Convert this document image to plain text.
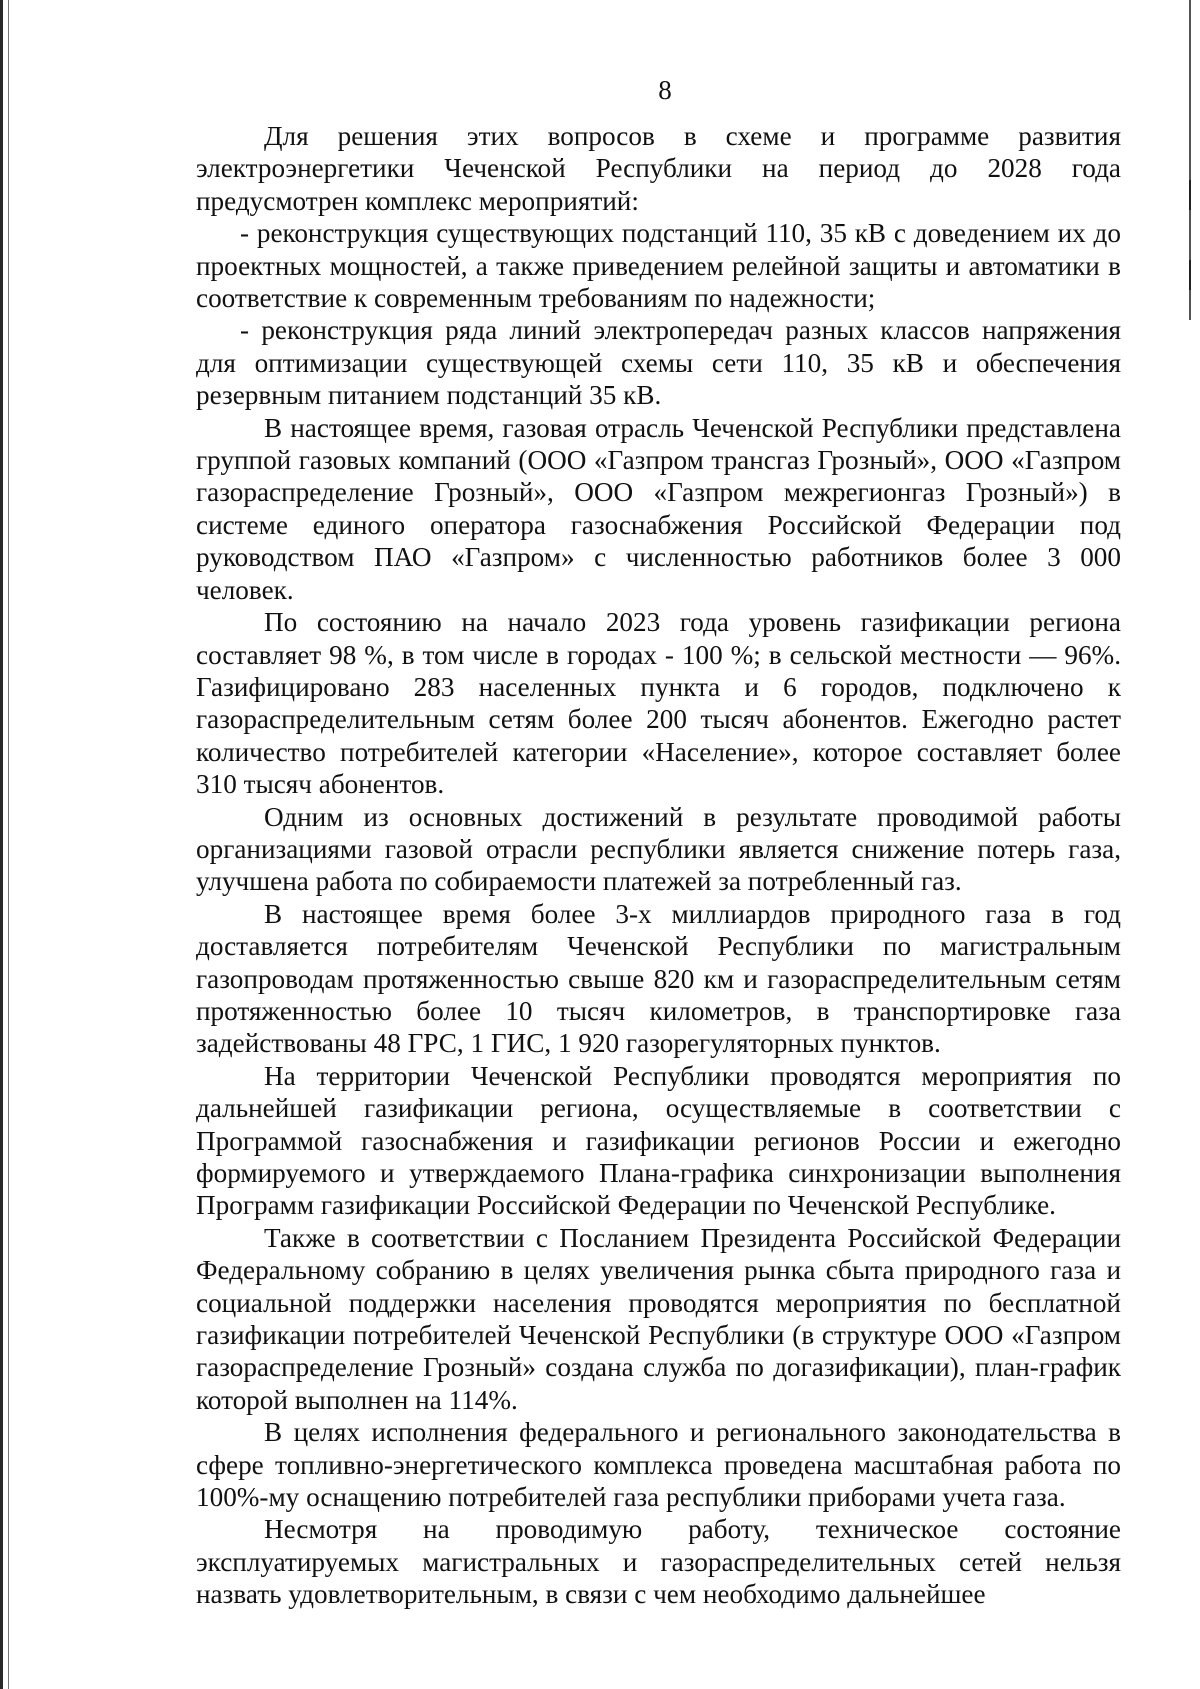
8

Для решения этих вопросов в схеме и программе развития электроэнергетики Чеченской Республики на период до 2028 года предусмотрен комплекс мероприятий:

- реконструкция существующих подстанций 110, 35 кВ с доведением их до проектных мощностей, а также приведением релейной защиты и автоматики в соответствие к современным требованиям по надежности;

- реконструкция ряда линий электропередач разных классов напряжения для оптимизации существующей схемы сети 110, 35 кВ и обеспечения резервным питанием подстанций 35 кВ.

В настоящее время, газовая отрасль Чеченской Республики представлена группой газовых компаний (ООО «Газпром трансгаз Грозный», ООО «Газпром газораспределение Грозный», ООО «Газпром межрегионгаз Грозный») в системе единого оператора газоснабжения Российской Федерации под руководством ПАО «Газпром» с численностью работников более 3 000 человек.

По состоянию на начало 2023 года уровень газификации региона составляет 98 %, в том числе в городах - 100 %; в сельской местности — 96%. Газифицировано 283 населенных пункта и 6 городов, подключено к газораспределительным сетям более 200 тысяч абонентов. Ежегодно растет количество потребителей категории «Население», которое составляет более 310 тысяч абонентов.

Одним из основных достижений в результате проводимой работы организациями газовой отрасли республики является снижение потерь газа, улучшена работа по собираемости платежей за потребленный газ.

В настоящее время более 3-х миллиардов природного газа в год доставляется потребителям Чеченской Республики по магистральным газопроводам протяженностью свыше 820 км и газораспределительным сетям протяженностью более 10 тысяч километров, в транспортировке газа задействованы 48 ГРС, 1 ГИС, 1 920 газорегуляторных пунктов.

На территории Чеченской Республики проводятся мероприятия по дальнейшей газификации региона, осуществляемые в соответствии с Программой газоснабжения и газификации регионов России и ежегодно формируемого и утверждаемого Плана-графика синхронизации выполнения Программ газификации Российской Федерации по Чеченской Республике.

Также в соответствии с Посланием Президента Российской Федерации Федеральному собранию в целях увеличения рынка сбыта природного газа и социальной поддержки населения проводятся мероприятия по бесплатной газификации потребителей Чеченской Республики (в структуре ООО «Газпром газораспределение Грозный» создана служба по догазификации), план-график которой выполнен на 114%.

В целях исполнения федерального и регионального законодательства в сфере топливно-энергетического комплекса проведена масштабная работа по 100%-му оснащению потребителей газа республики приборами учета газа.

Несмотря на проводимую работу, техническое состояние эксплуатируемых магистральных и газораспределительных сетей нельзя назвать удовлетворительным, в связи с чем необходимо дальнейшее
